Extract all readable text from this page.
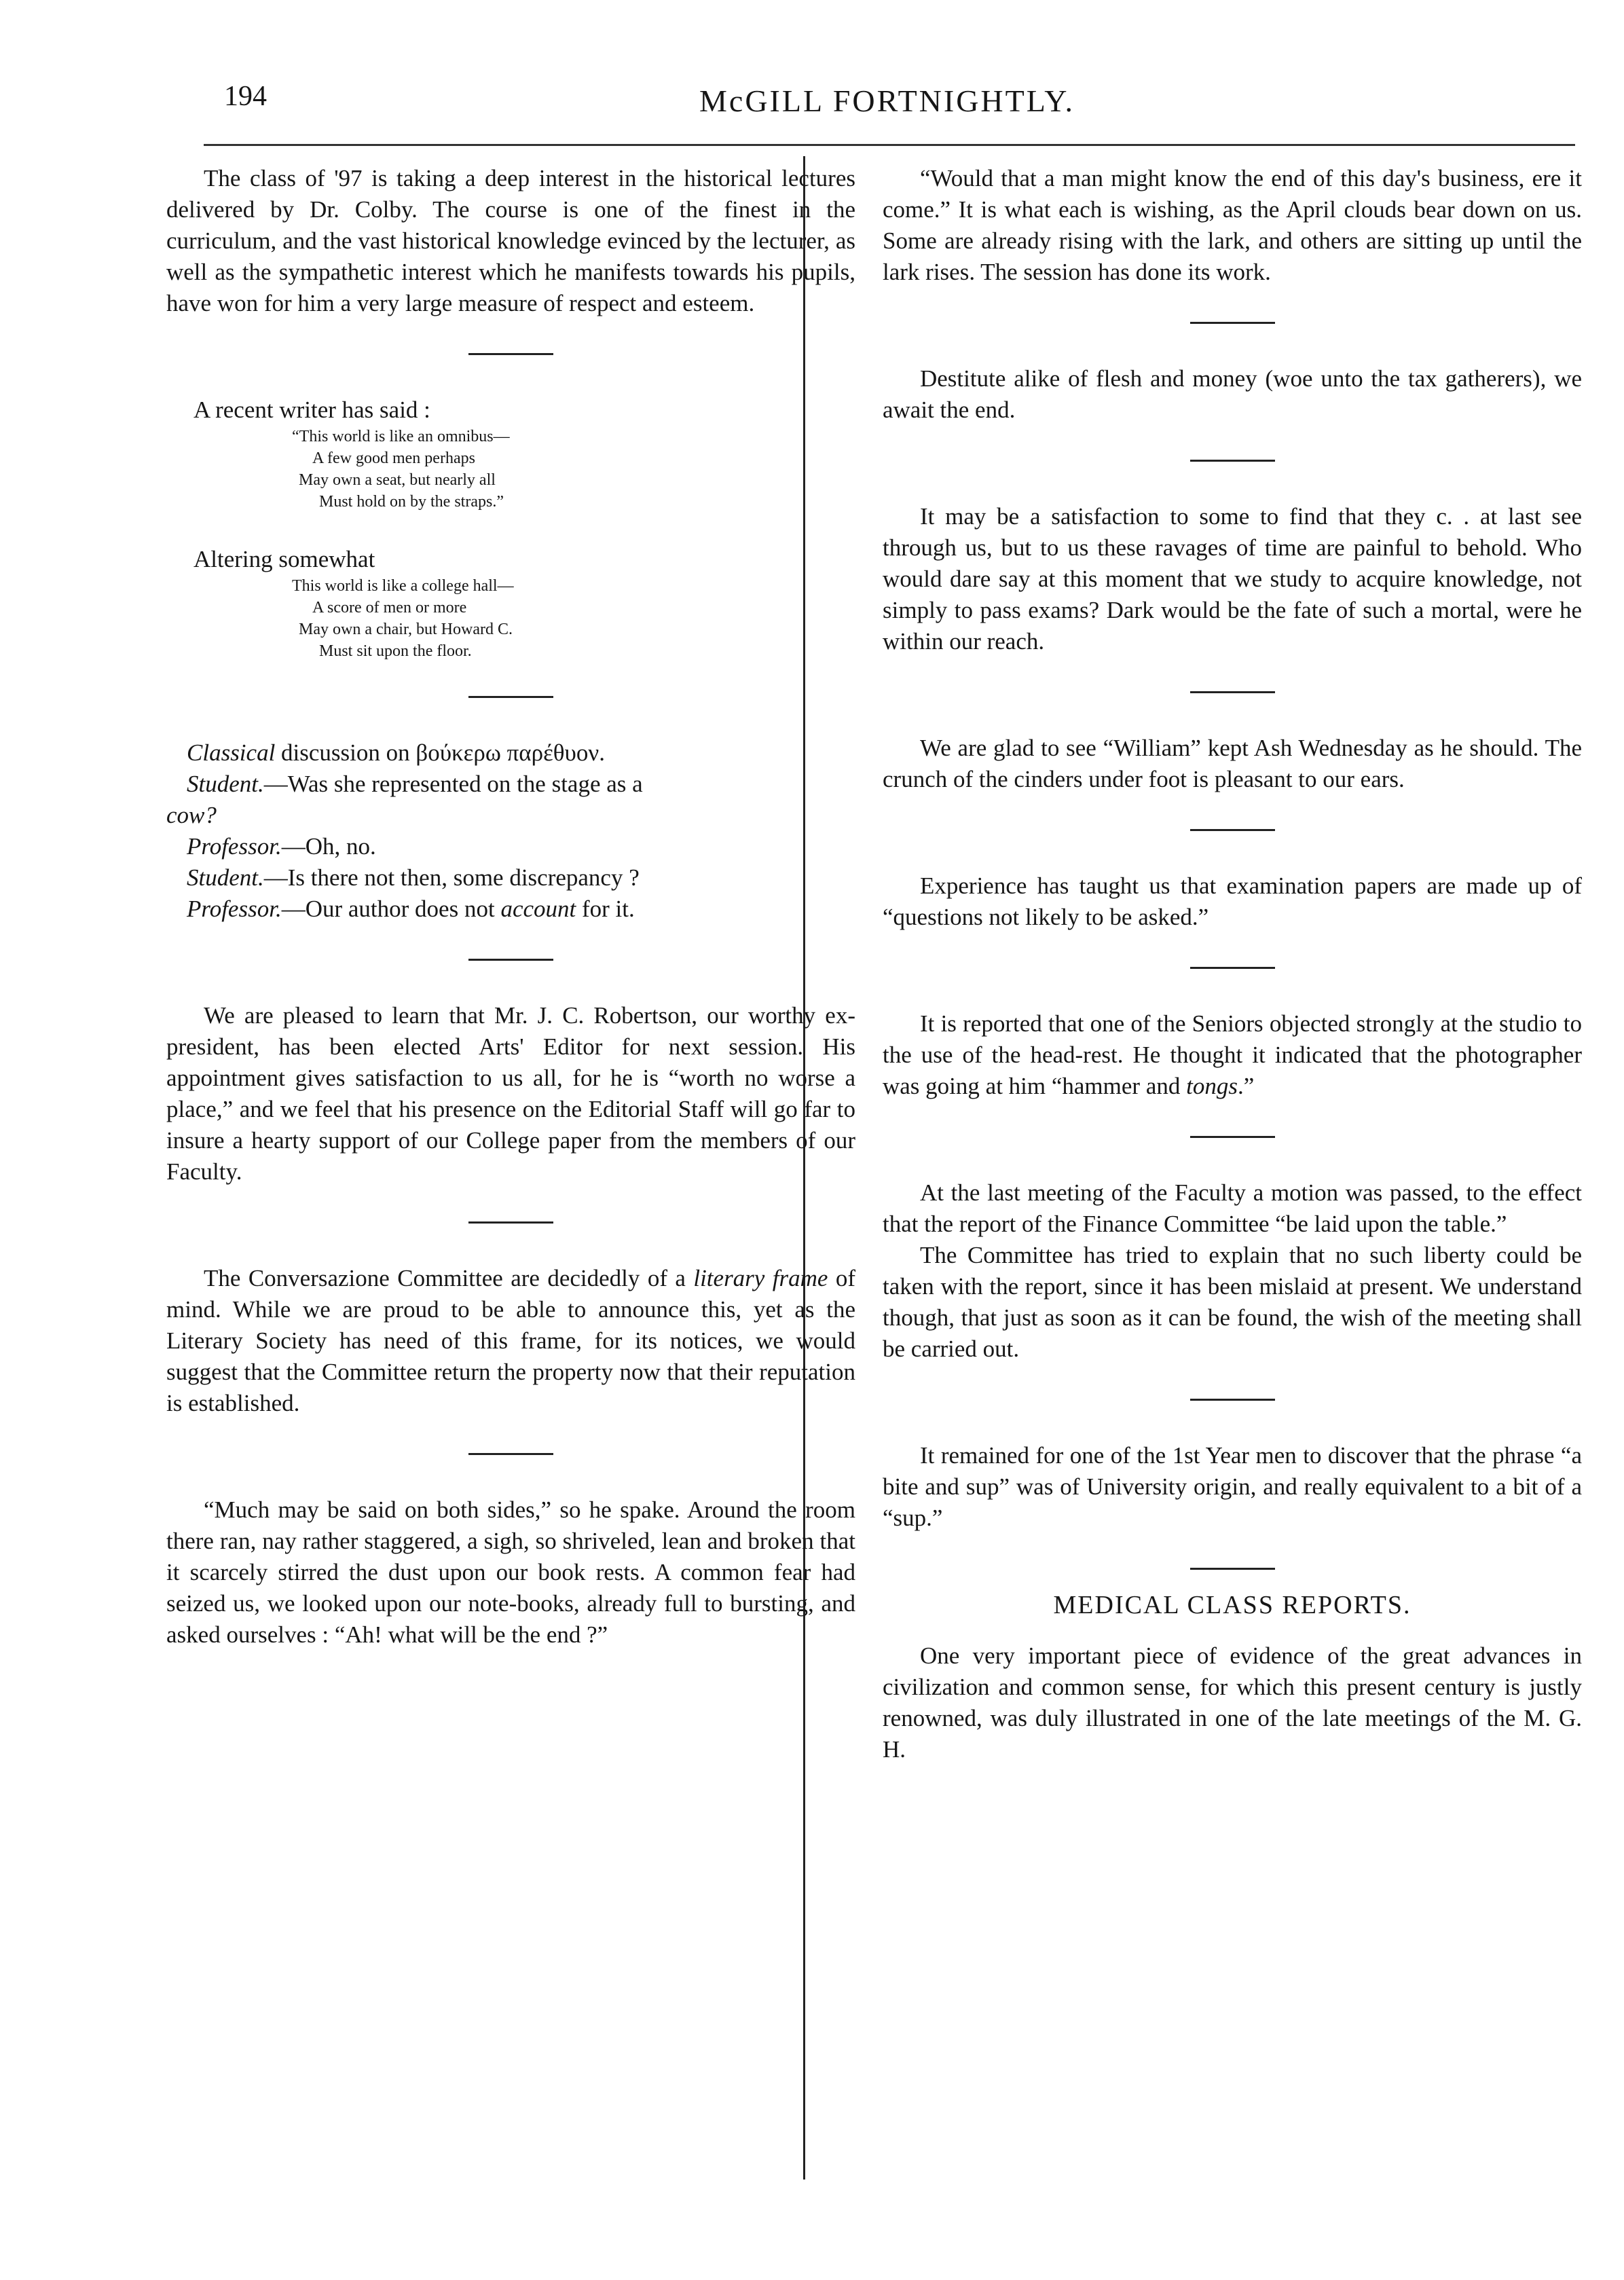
194	McGILL FORTNIGHTLY.

The class of '97 is taking a deep interest in the historical lectures delivered by Dr. Colby. The course is one of the finest in the curriculum, and the vast historical knowledge evinced by the lecturer, as well as the sympathetic interest which he manifests towards his pupils, have won for him a very large measure of respect and esteem.

A recent writer has said :
“This world is like an omnibus—
A few good men perhaps
May own a seat, but nearly all
Must hold on by the straps.”
Altering somewhat
This world is like a college hall—
A score of men or more
May own a chair, but Howard C.
Must sit upon the floor.
Classical discussion on βούκερω παρέθυον.
Student.—Was she represented on the stage as a
cow?
Professor.—Oh, no.
Student.—Is there not then, some discrepancy ?
Professor.—Our author does not account for it.

We are pleased to learn that Mr. J. C. Robertson, our worthy ex-president, has been elected Arts' Editor for next session. His appointment gives satisfaction to us all, for he is “worth no worse a place,” and we feel that his presence on the Editorial Staff will go far to insure a hearty support of our College paper from the members of our Faculty.

The Conversazione Committee are decidedly of a literary frame of mind. While we are proud to be able to announce this, yet as the Literary Society has need of this frame, for its notices, we would suggest that the Committee return the property now that their reputation is established.

“Much may be said on both sides,” so he spake. Around the room there ran, nay rather staggered, a sigh, so shriveled, lean and broken that it scarcely stirred the dust upon our book rests. A common fear had seized us, we looked upon our note-books, already full to bursting, and asked ourselves : “Ah! what will be the end ?”

“Would that a man might know the end of this day's business, ere it come.” It is what each is wishing, as the April clouds bear down on us. Some are already rising with the lark, and others are sitting up until the lark rises. The session has done its work.

Destitute alike of flesh and money (woe unto the tax gatherers), we await the end.

It may be a satisfaction to some to find that they c. . at last see through us, but to us these ravages of time are painful to behold. Who would dare say at this moment that we study to acquire knowledge, not simply to pass exams? Dark would be the fate of such a mortal, were he within our reach.

We are glad to see “William” kept Ash Wednesday as he should. The crunch of the cinders under foot is pleasant to our ears.

Experience has taught us that examination papers are made up of “questions not likely to be asked.”

It is reported that one of the Seniors objected strongly at the studio to the use of the head-rest. He thought it indicated that the photographer was going at him “hammer and tongs.”

At the last meeting of the Faculty a motion was passed, to the effect that the report of the Finance Committee “be laid upon the table.”

The Committee has tried to explain that no such liberty could be taken with the report, since it has been mislaid at present. We understand though, that just as soon as it can be found, the wish of the meeting shall be carried out.

It remained for one of the 1st Year men to discover that the phrase “a bite and sup” was of University origin, and really equivalent to a bit of a “sup.”

MEDICAL CLASS REPORTS.

One very important piece of evidence of the great advances in civilization and common sense, for which this present century is justly renowned, was duly illustrated in one of the late meetings of the M. G. H.
